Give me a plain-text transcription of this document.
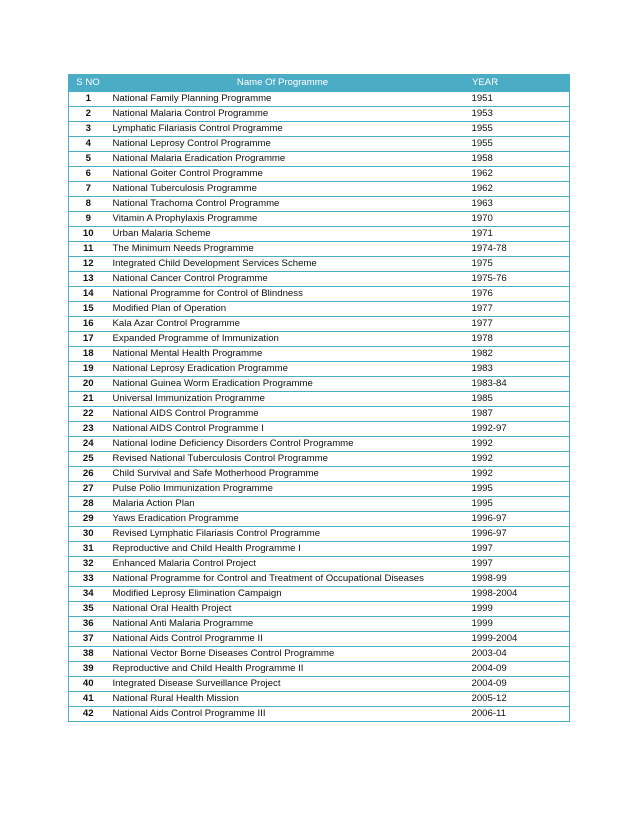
S NO	Name Of Programme	YEAR
1	National Family Planning Programme	1951
2	National Malaria Control Programme	1953
3	Lymphatic Filariasis Control Programme	1955
4	National Leprosy Control Programme	1955
5	National Malaria Eradication Programme	1958
6	National Goiter Control Programme	1962
7	National Tuberculosis Programme	1962
8	National Trachoma Control Programme	1963
9	Vitamin A Prophylaxis Programme	1970
10	Urban Malaria Scheme	1971
11	The Minimum Needs Programme	1974-78
12	Integrated Child Development Services Scheme	1975
13	National Cancer Control Programme	1975-76
14	National Programme for Control of Blindness	1976
15	Modified Plan of Operation	1977
16	Kala Azar Control Programme	1977
17	Expanded Programme of Immunization	1978
18	National Mental Health Programme	1982
19	National Leprosy Eradication Programme	1983
20	National Guinea Worm Eradication Programme	1983-84
21	Universal Immunization Programme	1985
22	National AIDS Control Programme	1987
23	National AIDS Control Programme I	1992-97
24	National Iodine Deficiency Disorders Control Programme	1992
25	Revised National Tuberculosis Control Programme	1992
26	Child Survival and Safe Motherhood Programme	1992
27	Pulse Polio Immunization Programme	1995
28	Malaria Action Plan	1995
29	Yaws Eradication Programme	1996-97
30	Revised Lymphatic Filariasis Control Programme	1996-97
31	Reproductive and Child Health Programme I	1997
32	Enhanced Malaria Control Project	1997
33	National Programme for Control and Treatment of Occupational Diseases	1998-99
34	Modified Leprosy Elimination Campaign	1998-2004
35	National Oral Health Project	1999
36	National Anti Malaria Programme	1999
37	National Aids Control Programme II	1999-2004
38	National Vector Borne Diseases Control Programme	2003-04
39	Reproductive and Child Health Programme II	2004-09
40	Integrated Disease Surveillance Project	2004-09
41	National Rural Health Mission	2005-12
42	National Aids Control Programme III	2006-11
